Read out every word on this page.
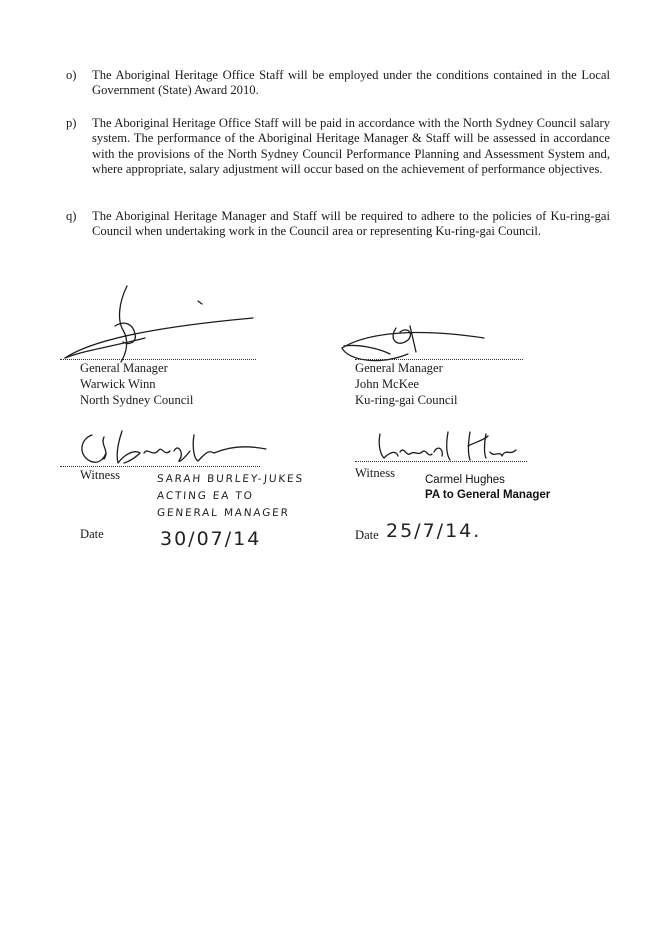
o) The Aboriginal Heritage Office Staff will be employed under the conditions contained in the Local Government (State) Award 2010.
p) The Aboriginal Heritage Office Staff will be paid in accordance with the North Sydney Council salary system. The performance of the Aboriginal Heritage Manager & Staff will be assessed in accordance with the provisions of the North Sydney Council Performance Planning and Assessment System and, where appropriate, salary adjustment will occur based on the achievement of performance objectives.
q) The Aboriginal Heritage Manager and Staff will be required to adhere to the policies of Ku-ring-gai Council when undertaking work in the Council area or representing Ku-ring-gai Council.
General Manager
Warwick Winn
North Sydney Council
General Manager
John McKee
Ku-ring-gai Council
Witness	SARAH BURLEY-JUKES
ACTING EA TO
GENERAL MANAGER
Witness	Carmel Hughes
PA to General Manager
Date	30/07/14	Date 25/7/14.
